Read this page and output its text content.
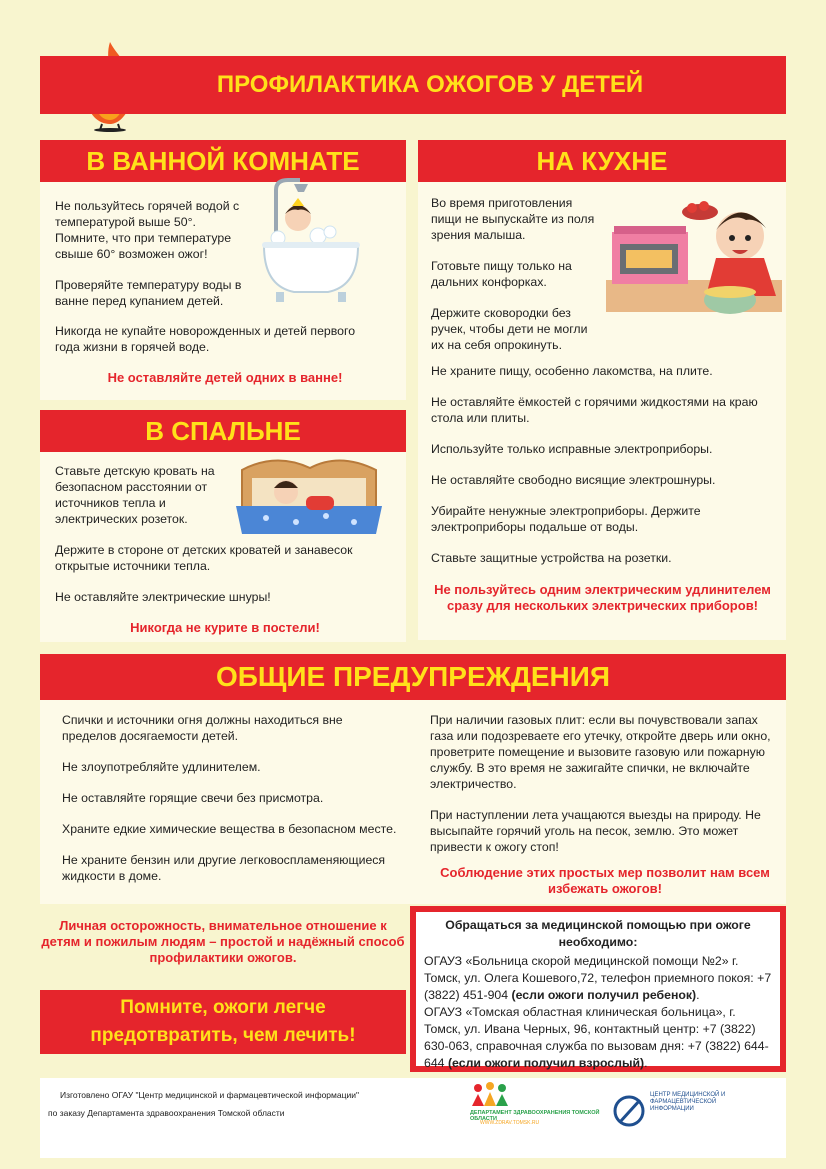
ПРОФИЛАКТИКА ОЖОГОВ У ДЕТЕЙ
В ВАННОЙ КОМНАТЕ

Не пользуйтесь горячей водой с температурой выше 50°. Помните, что при температуре свыше 60° возможен ожог!

Проверяйте температуру воды в ванне перед купанием детей.

Никогда не купайте новорожденных и детей первого года жизни в горячей воде.

Не оставляйте детей одних в ванне!
НА КУХНЕ

Во время приготовления пищи не выпускайте из поля зрения малыша.

Готовьте пищу только на дальних конфорках.

Держите сковородки без ручек, чтобы дети не могли их на себя опрокинуть.

Не храните пищу, особенно лакомства, на плите.

Не оставляйте ёмкостей с горячими жидкостями на краю стола или плиты.

Используйте только исправные электроприборы.

Не оставляйте свободно висящие электрошнуры.

Убирайте ненужные электроприборы. Держите электроприборы подальше от воды.

Ставьте защитные устройства на розетки.

Не пользуйтесь одним электрическим удлинителем сразу для нескольких электрических приборов!
В СПАЛЬНЕ

Ставьте детскую кровать на безопасном расстоянии от источников тепла и электрических розеток.

Держите в стороне от детских кроватей и занавесок открытые источники тепла.

Не оставляйте электрические шнуры!

Никогда не курите в постели!
ОБЩИЕ ПРЕДУПРЕЖДЕНИЯ

Спички и источники огня должны находиться вне пределов досягаемости детей.

Не злоупотребляйте удлинителем.

Не оставляйте горящие свечи без присмотра.

Храните едкие химические вещества в безопасном месте.

Не храните бензин или другие легковоспламеняющиеся жидкости в доме.

При наличии газовых плит: если вы почувствовали запах газа или подозреваете его утечку, откройте дверь или окно, проветрите помещение и вызовите газовую или пожарную службу. В это время не зажигайте спички, не включайте электричество.

При наступлении лета учащаются выезды на природу. Не высыпайте горячий уголь на песок, землю. Это может привести к ожогу стоп!

Соблюдение этих простых мер позволит нам всем избежать ожогов!
Личная осторожность, внимательное отношение к детям и пожилым людям – простой и надёжный способ профилактики ожогов.
Помните, ожоги легче предотвратить, чем лечить!
Обращаться за медицинской помощью при ожоге необходимо:
ОГАУЗ «Больница скорой медицинской помощи №2» г. Томск, ул. Олега Кошевого,72, телефон приемного покоя: +7 (3822) 451-904 (если ожоги получил ребенок).
ОГАУЗ «Томская областная клиническая больница», г. Томск, ул. Ивана Черных, 96, контактный центр: +7 (3822) 630-063, справочная служба по вызовам дня: +7 (3822) 644-644 (если ожоги получил взрослый).
Изготовлено ОГАУ "Центр медицинской и фармацевтической информации"
по заказу Департамента здравоохранения Томской области	ДЕПАРТАМЕНТ ЗДРАВООХРАНЕНИЯ ТОМСКОЙ ОБЛАСТИ
WWW.ZDRAV.TOMSK.RU
ЦЕНТР МЕДИЦИНСКОЙ И ФАРМАЦЕВТИЧЕСКОЙ ИНФОРМАЦИИ
